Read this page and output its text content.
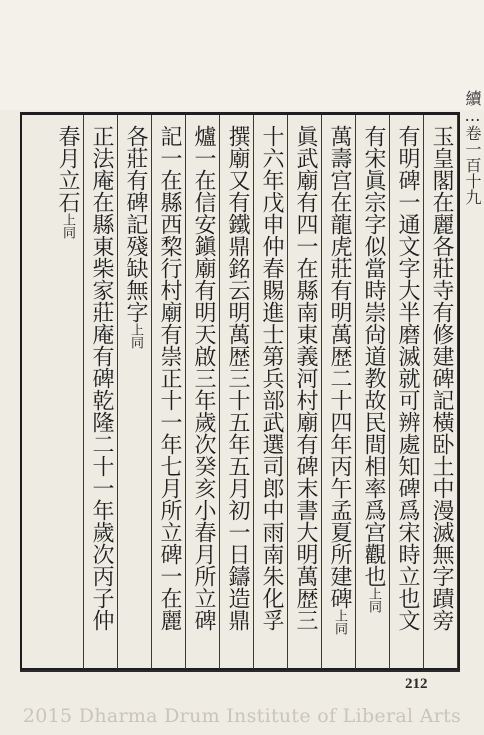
續…卷一百十九
玉皇閣在麗各莊寺有修建碑記橫卧土中漫滅無字蹟旁
有明碑一通文字大半磨滅就可辨處知碑爲宋時立也文
有宋眞宗字似當時崇尙道教故民間相率爲宫觀也上同
萬壽宫在龍虎莊有明萬歴二十四年丙午孟夏所建碑上同
眞武廟有四一在縣南東義河村廟有碑末書大明萬歴三
十六年戊申仲春賜進士第兵部武選司郎中雨南朱化孚
撰廟又有鐵鼎銘云明萬歴三十五年五月初一日鑄造鼎
爐一在信安鎭廟有明天啟三年歲次癸亥小春月所立碑
記一在縣西棃行村廟有崇正十一年七月所立碑一在麗
各莊有碑記殘缺無字上同
正法庵在縣東柴家莊庵有碑乾隆二十一年歲次丙子仲
春月立石上同
212
2015 Dharma Drum Institute of Liberal Arts
